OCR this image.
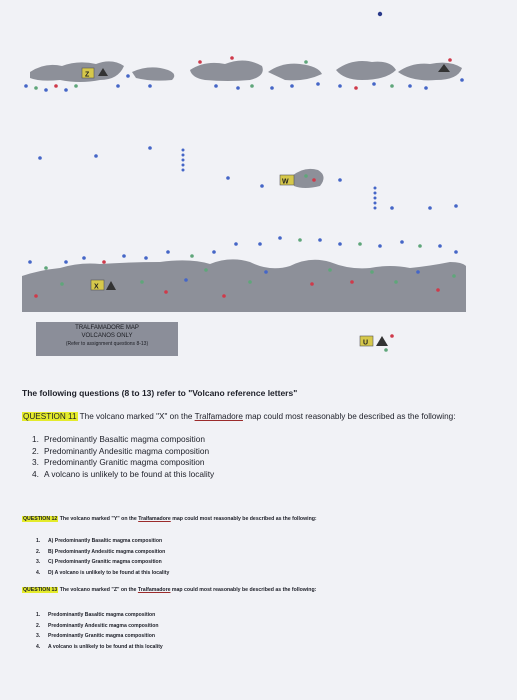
Z
W
X
U
TRALFAMADORE MAP
VOLCANOS ONLY
(Refer to assignment questions 8-13)
The following questions (8 to 13) refer to "Volcano reference letters"
QUESTION 11 The volcano marked "X" on the Tralfamadore map could most reasonably be described as the following:
1. Predominantly Basaltic magma composition
2. Predominantly Andesitic magma composition
3. Predominantly Granitic magma composition
4. A volcano is unlikely to be found at this locality
QUESTION 12 The volcano marked "Y" on the Tralfamadore map could most reasonably be described as the following:
1. A) Predominantly Basaltic magma composition
2. B) Predominantly Andesitic magma composition
3. C) Predominantly Granitic magma composition
4. D) A volcano is unlikely to be found at this locality
QUESTION 13 The volcano marked "Z" on the Tralfamadore map could most reasonably be described as the following:
1. Predominantly Basaltic magma composition
2. Predominantly Andesitic magma composition
3. Predominantly Granitic magma composition
4. A volcano is unlikely to be found at this locality
